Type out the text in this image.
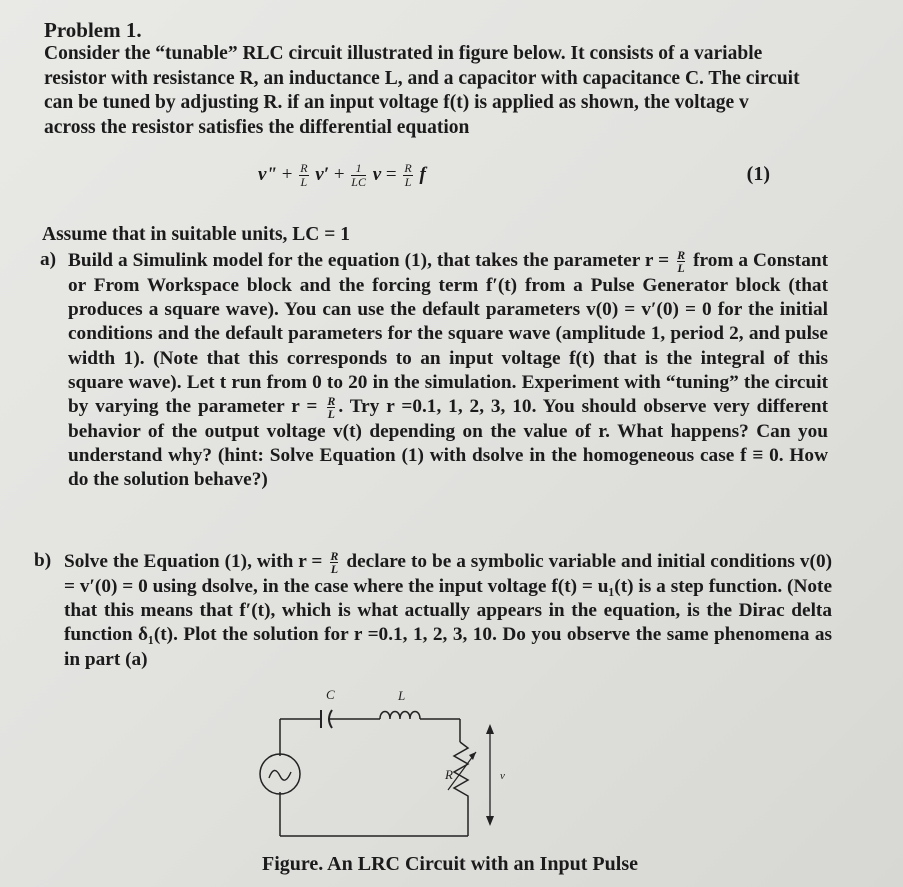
Problem 1.
Consider the “tunable” RLC circuit illustrated in figure below. It consists of a variable resistor with resistance R, an inductance L, and a capacitor with capacitance C. The circuit can be tuned by adjusting R. if an input voltage f(t) is applied as shown, the voltage v across the resistor satisfies the differential equation
v" + $\frac{R}{L} v' + \frac{1}{LC}$ $v = \frac{R}{L}$ f	(1)
Assume that in suitable units, LC = 1
a) Build a Simulink model for the equation (1), that takes the parameter $r = \frac{R}{L}$ from a Constant or From Workspace block and the forcing term f′(t) from a Pulse Generator block (that produces a square wave). You can use the default parameters v(0) = v′(0) = 0 for the initial conditions and the default parameters for the square wave (amplitude 1, period 2, and pulse width 1). (Note that this corresponds to an input voltage f(t) that is the integral of this square wave). Let t run from 0 to 20 in the simulation. Experiment with “tuning” the circuit by varying the parameter $r = \frac{R}{L}$ . Try r =0.1, 1, 2, 3, 10. You should observe very different behavior of the output voltage v(t) depending on the value of r. What happens? Can you understand why? (hint: Solve Equation (1) with dsolve in the homogeneous case f ≡ 0. How do the solution behave?)
b) Solve the Equation (1), with $r = \frac{R}{L}$ declare to be a symbolic variable and initial conditions v(0) = v′(0) = 0 using dsolve, in the case where the input voltage f(t) = u₁(t) is a step function. (Note that this means that f′(t), which is what actually appears in the equation, is the Dirac delta function δ₁(t). Plot the solution for r =0.1, 1, 2, 3, 10. Do you observe the same phenomena as in part (a)
C	L
R	v
Figure. An LRC Circuit with an Input Pulse
